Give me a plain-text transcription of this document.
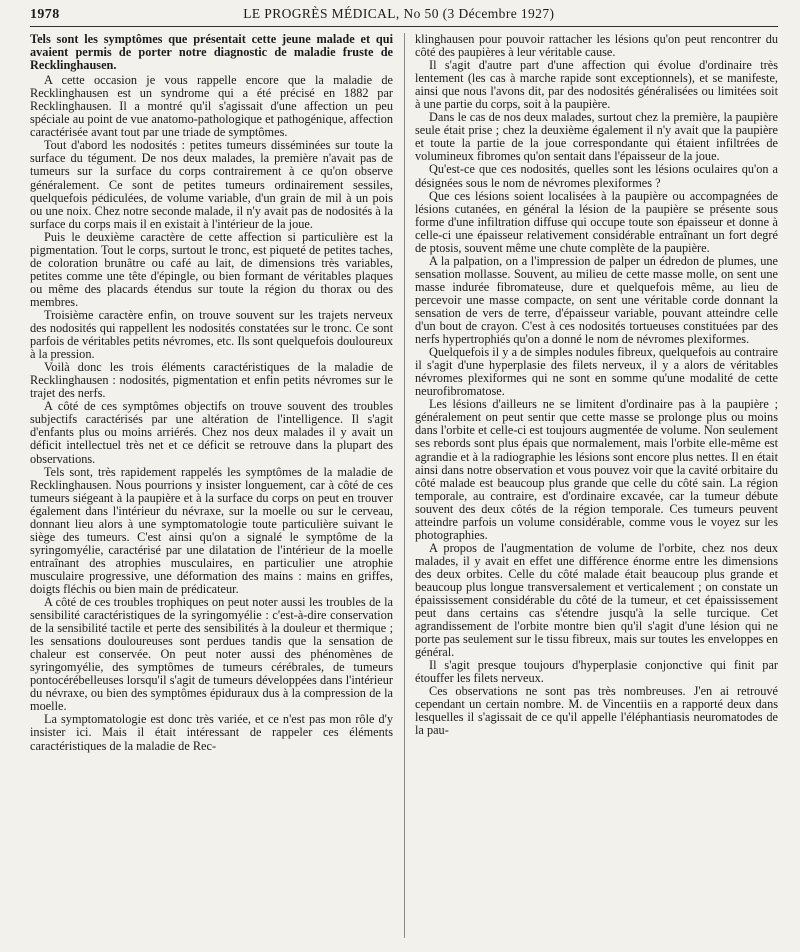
1978	LE PROGRÈS MÉDICAL, No 50 (3 Décembre 1927)

Tels sont les symptômes que présentait cette jeune malade et qui avaient permis de porter notre diagnostic de maladie fruste de Recklinghausen.

A cette occasion je vous rappelle encore que la maladie de Recklinghausen est un syndrome qui a été précisé en 1882 par Recklinghausen. Il a montré qu'il s'agissait d'une affection un peu spéciale au point de vue anatomo-pathologique et pathogénique, affection caractérisée avant tout par une triade de symptômes.

Tout d'abord les nodosités : petites tumeurs disséminées sur toute la surface du tégument. De nos deux malades, la première n'avait pas de tumeurs sur la surface du corps contrairement à ce qu'on observe généralement. Ce sont de petites tumeurs ordinairement sessiles, quelquefois pédiculées, de volume variable, d'un grain de mil à un pois ou une noix. Chez notre seconde malade, il n'y avait pas de nodosités à la surface du corps mais il en existait à l'intérieur de la joue.

Puis le deuxième caractère de cette affection si particulière est la pigmentation. Tout le corps, surtout le tronc, est piqueté de petites taches, de coloration brunâtre ou café au lait, de dimensions très variables, petites comme une tête d'épingle, ou bien formant de véritables plaques ou même des placards étendus sur toute la région du thorax ou des membres.

Troisième caractère enfin, on trouve souvent sur les trajets nerveux des nodosités qui rappellent les nodosités constatées sur le tronc. Ce sont parfois de véritables petits névromes, etc. Ils sont quelquefois douloureux à la pression.

Voilà donc les trois éléments caractéristiques de la maladie de Recklinghausen : nodosités, pigmentation et enfin petits névromes sur le trajet des nerfs.

A côté de ces symptômes objectifs on trouve souvent des troubles subjectifs caractérisés par une altération de l'intelligence. Il s'agit d'enfants plus ou moins arriérés. Chez nos deux malades il y avait un déficit intellectuel très net et ce déficit se retrouve dans la plupart des observations.

Tels sont, très rapidement rappelés les symptômes de la maladie de Recklinghausen. Nous pourrions y insister longuement, car à côté de ces tumeurs siégeant à la paupière et à la surface du corps on peut en trouver également dans l'intérieur du névraxe, sur la moelle ou sur le cerveau, donnant lieu alors à une symptomatologie toute particulière suivant le siège des tumeurs. C'est ainsi qu'on a signalé le symptôme de la syringomyélie, caractérisé par une dilatation de l'intérieur de la moelle entraînant des atrophies musculaires, en particulier une atrophie musculaire progressive, une déformation des mains : mains en griffes, doigts fléchis ou bien main de prédicateur.

A côté de ces troubles trophiques on peut noter aussi les troubles de la sensibilité caractéristiques de la syringomyélie : c'est-à-dire conservation de la sensibilité tactile et perte des sensibilités à la douleur et thermique ; les sensations douloureuses sont perdues tandis que la sensation de chaleur est conservée. On peut noter aussi des phénomènes de syringomyélie, des symptômes de tumeurs cérébrales, de tumeurs pontocérébelleuses lorsqu'il s'agit de tumeurs développées dans l'intérieur du névraxe, ou bien des symptômes épiduraux dus à la compression de la moelle.

La symptomatologie est donc très variée, et ce n'est pas mon rôle d'y insister ici. Mais il était intéressant de rappeler ces éléments caractéristiques de la maladie de Rec-

klinghausen pour pouvoir rattacher les lésions qu'on peut rencontrer du côté des paupières à leur véritable cause.

Il s'agit d'autre part d'une affection qui évolue d'ordinaire très lentement (les cas à marche rapide sont exceptionnels), et se manifeste, ainsi que nous l'avons dit, par des nodosités généralisées ou limitées soit à une partie du corps, soit à la paupière.

Dans le cas de nos deux malades, surtout chez la première, la paupière seule était prise ; chez la deuxième également il n'y avait que la paupière et toute la partie de la joue correspondante qui étaient infiltrées de volumineux fibromes qu'on sentait dans l'épaisseur de la joue.

Qu'est-ce que ces nodosités, quelles sont les lésions oculaires qu'on a désignées sous le nom de névromes plexiformes ?

Que ces lésions soient localisées à la paupière ou accompagnées de lésions cutanées, en général la lésion de la paupière se présente sous forme d'une infiltration diffuse qui occupe toute son épaisseur et donne à celle-ci une épaisseur relativement considérable entraînant un fort degré de ptosis, souvent même une chute complète de la paupière.

A la palpation, on a l'impression de palper un édredon de plumes, une sensation mollasse. Souvent, au milieu de cette masse molle, on sent une masse indurée fibromateuse, dure et quelquefois même, au lieu de percevoir une masse compacte, on sent une véritable corde donnant la sensation de vers de terre, d'épaisseur variable, pouvant atteindre celle d'un bout de crayon. C'est à ces nodosités tortueuses constituées par des nerfs hypertrophiés qu'on a donné le nom de névromes plexiformes.

Quelquefois il y a de simples nodules fibreux, quelquefois au contraire il s'agit d'une hyperplasie des filets nerveux, il y a alors de véritables névromes plexiformes qui ne sont en somme qu'une modalité de cette neurofibromatose.

Les lésions d'ailleurs ne se limitent d'ordinaire pas à la paupière ; généralement on peut sentir que cette masse se prolonge plus ou moins dans l'orbite et celle-ci est toujours augmentée de volume. Non seulement ses rebords sont plus épais que normalement, mais l'orbite elle-même est agrandie et à la radiographie les lésions sont encore plus nettes. Il en était ainsi dans notre observation et vous pouvez voir que la cavité orbitaire du côté malade est beaucoup plus grande que celle du côté sain. La région temporale, au contraire, est d'ordinaire excavée, car la tumeur débute souvent des deux côtés de la région temporale. Ces tumeurs peuvent atteindre parfois un volume considérable, comme vous le voyez sur les photographies.

A propos de l'augmentation de volume de l'orbite, chez nos deux malades, il y avait en effet une différence énorme entre les dimensions des deux orbites. Celle du côté malade était beaucoup plus grande et beaucoup plus longue transversalement et verticalement ; on constate un épaississement considérable du côté de la tumeur, et cet épaississement peut dans certains cas s'étendre jusqu'à la selle turcique. Cet agrandissement de l'orbite montre bien qu'il s'agit d'une lésion qui ne porte pas seulement sur le tissu fibreux, mais sur toutes les enveloppes en général.

Il s'agit presque toujours d'hyperplasie conjonctive qui finit par étouffer les filets nerveux.

Ces observations ne sont pas très nombreuses. J'en ai retrouvé cependant un certain nombre. M. de Vincentiis en a rapporté deux dans lesquelles il s'agissait de ce qu'il appelle l'éléphantiasis neuromatodes de la pau-
